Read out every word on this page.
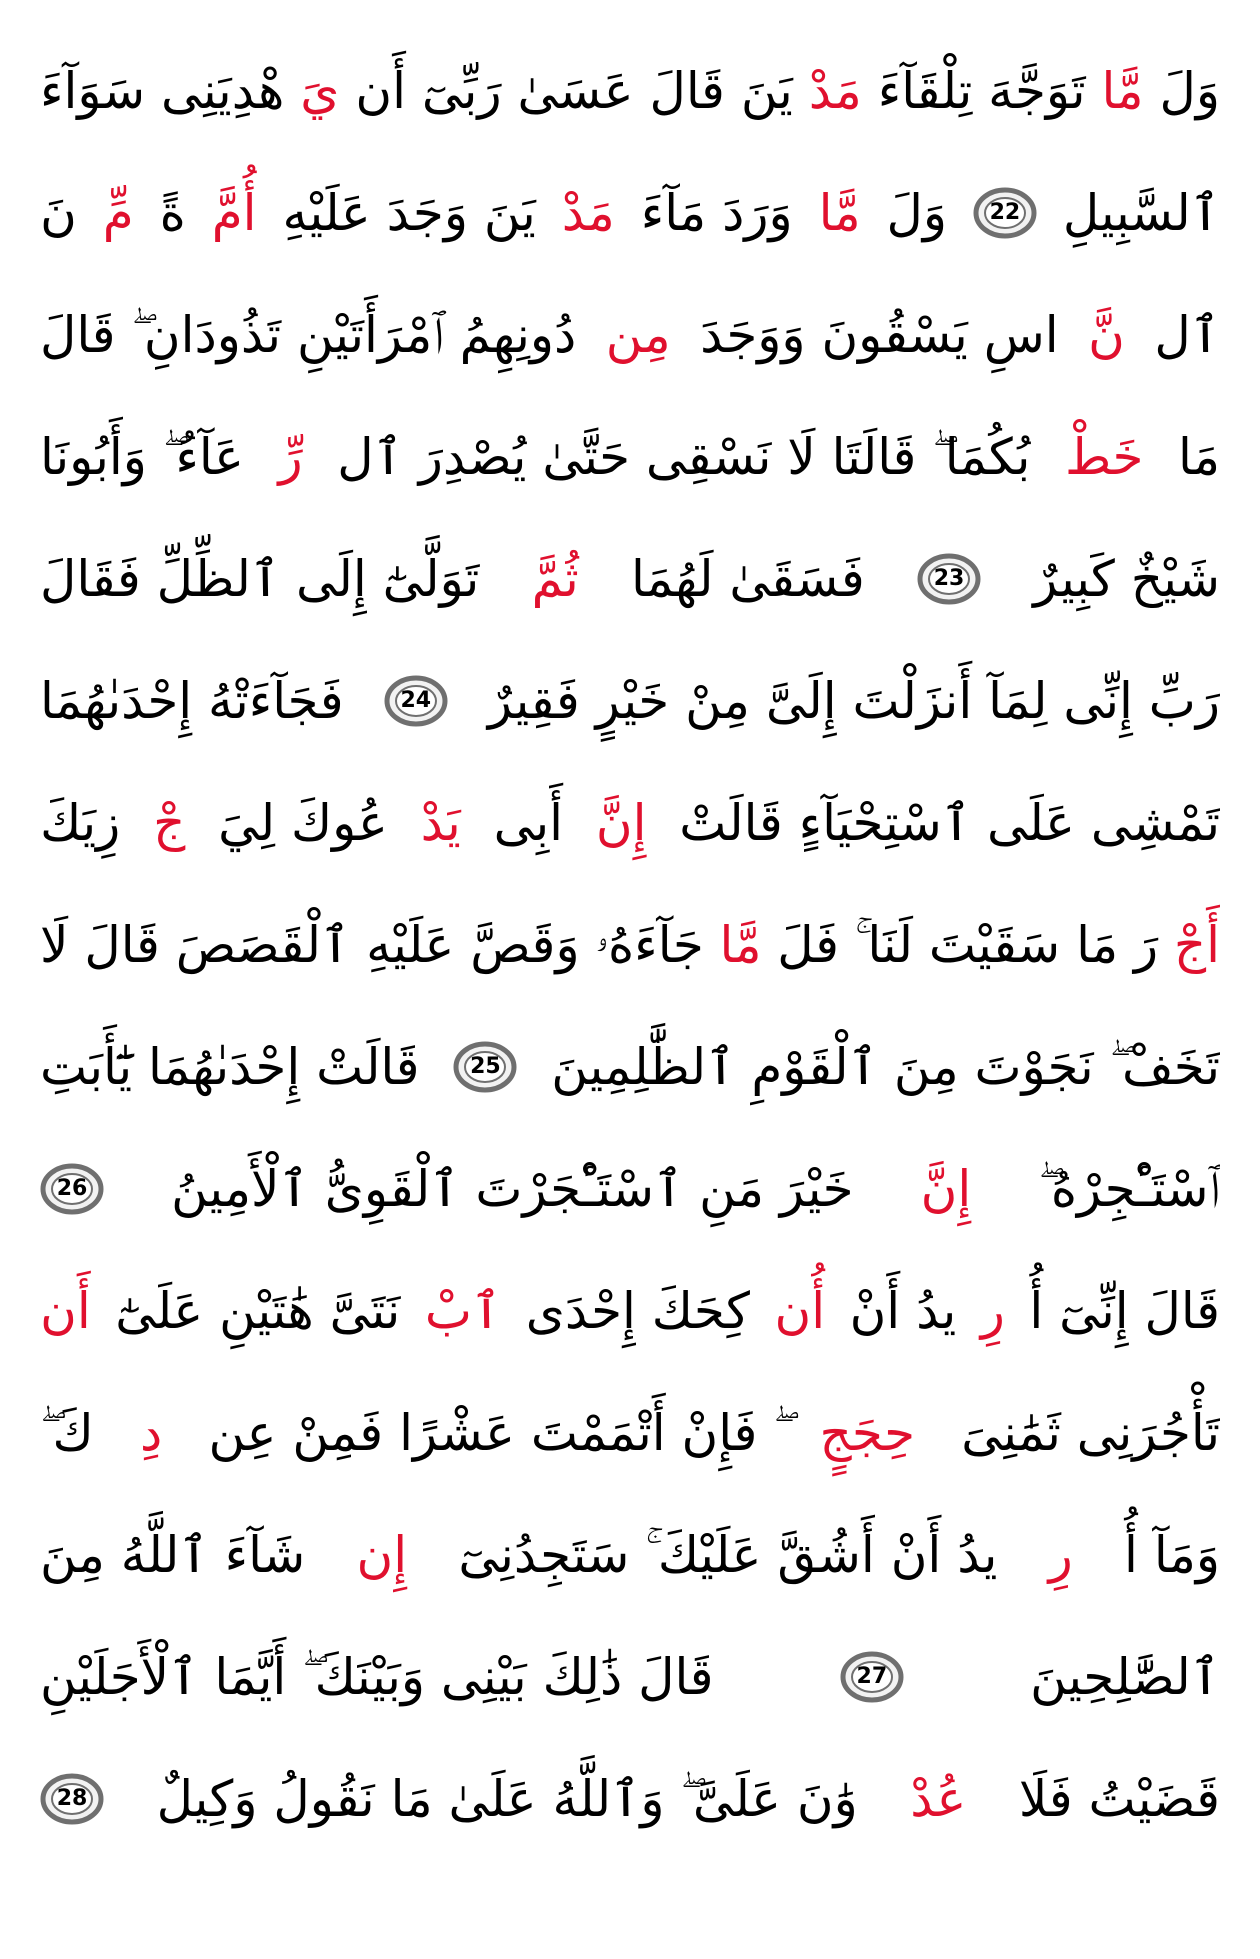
وَلَ
مَّا
تَوَجَّهَ تِلْقَآءَ
مَدْ
يَنَ قَالَ عَسَىٰ رَبِّىٓ أَن
يَ
هْدِيَنِى سَوَآءَ
ٱلسَّبِيلِ
22
وَلَ
مَّا
وَرَدَ مَآءَ
مَدْ
يَنَ وَجَدَ عَلَيْهِ
أُمَّ
ةً
مِّ
نَ
ٱل
نَّ
اسِ يَسْقُونَ وَوَجَدَ
مِن
دُونِهِمُ ٱمْرَأَتَيْنِ تَذُودَانِ ۖ قَالَ
مَا
خَطْ
بُكُمَا ۖ قَالَتَا لَا نَسْقِى حَتَّىٰ يُصْدِرَ ٱل
رِّ
عَآءُ ۖ وَأَبُونَا
شَيْخٌ كَبِيرٌ
23
فَسَقَىٰ لَهُمَا
ثُمَّ
تَوَلَّىٰٓ إِلَى ٱلظِّلِّ فَقَالَ
رَبِّ إِنِّى لِمَآ أَنزَلْتَ إِلَىَّ مِنْ خَيْرٍ فَقِيرٌ
24
فَجَآءَتْهُ إِحْدَىٰهُمَا
تَمْشِى عَلَى ٱسْتِحْيَآءٍ قَالَتْ
إِنَّ
أَبِى
يَدْ
عُوكَ لِيَ
جْ
زِيَكَ
أَجْ
رَ مَا سَقَيْتَ لَنَا ۚ فَلَ
مَّا
جَآءَهُۥ وَقَصَّ عَلَيْهِ ٱلْقَصَصَ قَالَ لَا
تَخَفْ ۖ نَجَوْتَ مِنَ ٱلْقَوْمِ ٱلظَّٰلِمِينَ
25
قَالَتْ إِحْدَىٰهُمَا يَٰٓأَبَتِ
ٱسْتَـْٔجِرْهُ ۖ
إِنَّ
خَيْرَ مَنِ ٱسْتَـْٔجَرْتَ ٱلْقَوِىُّ ٱلْأَمِينُ
26
قَالَ إِنِّىٓ أُ
رِ
يدُ أَنْ
أُن
كِحَكَ إِحْدَى
ٱبْ
نَتَىَّ هَٰتَيْنِ عَلَىٰٓ
أَن
تَأْجُرَنِى ثَمَٰنِىَ
حِجَجٍ
ۖ فَإِنْ أَتْمَمْتَ عَشْرًا فَمِنْ عِن
دِ
كَ ۖ
وَمَآ أُ
رِ
يدُ أَنْ أَشُقَّ عَلَيْكَ ۚ سَتَجِدُنِىٓ
إِن
شَآءَ ٱللَّهُ مِنَ
ٱلصَّٰلِحِينَ
27
قَالَ ذَٰلِكَ بَيْنِى وَبَيْنَكَ ۖ أَيَّمَا ٱلْأَجَلَيْنِ
قَضَيْتُ فَلَا
عُدْ
وَٰنَ عَلَىَّ ۖ وَٱللَّهُ عَلَىٰ مَا نَقُولُ وَكِيلٌ
28
